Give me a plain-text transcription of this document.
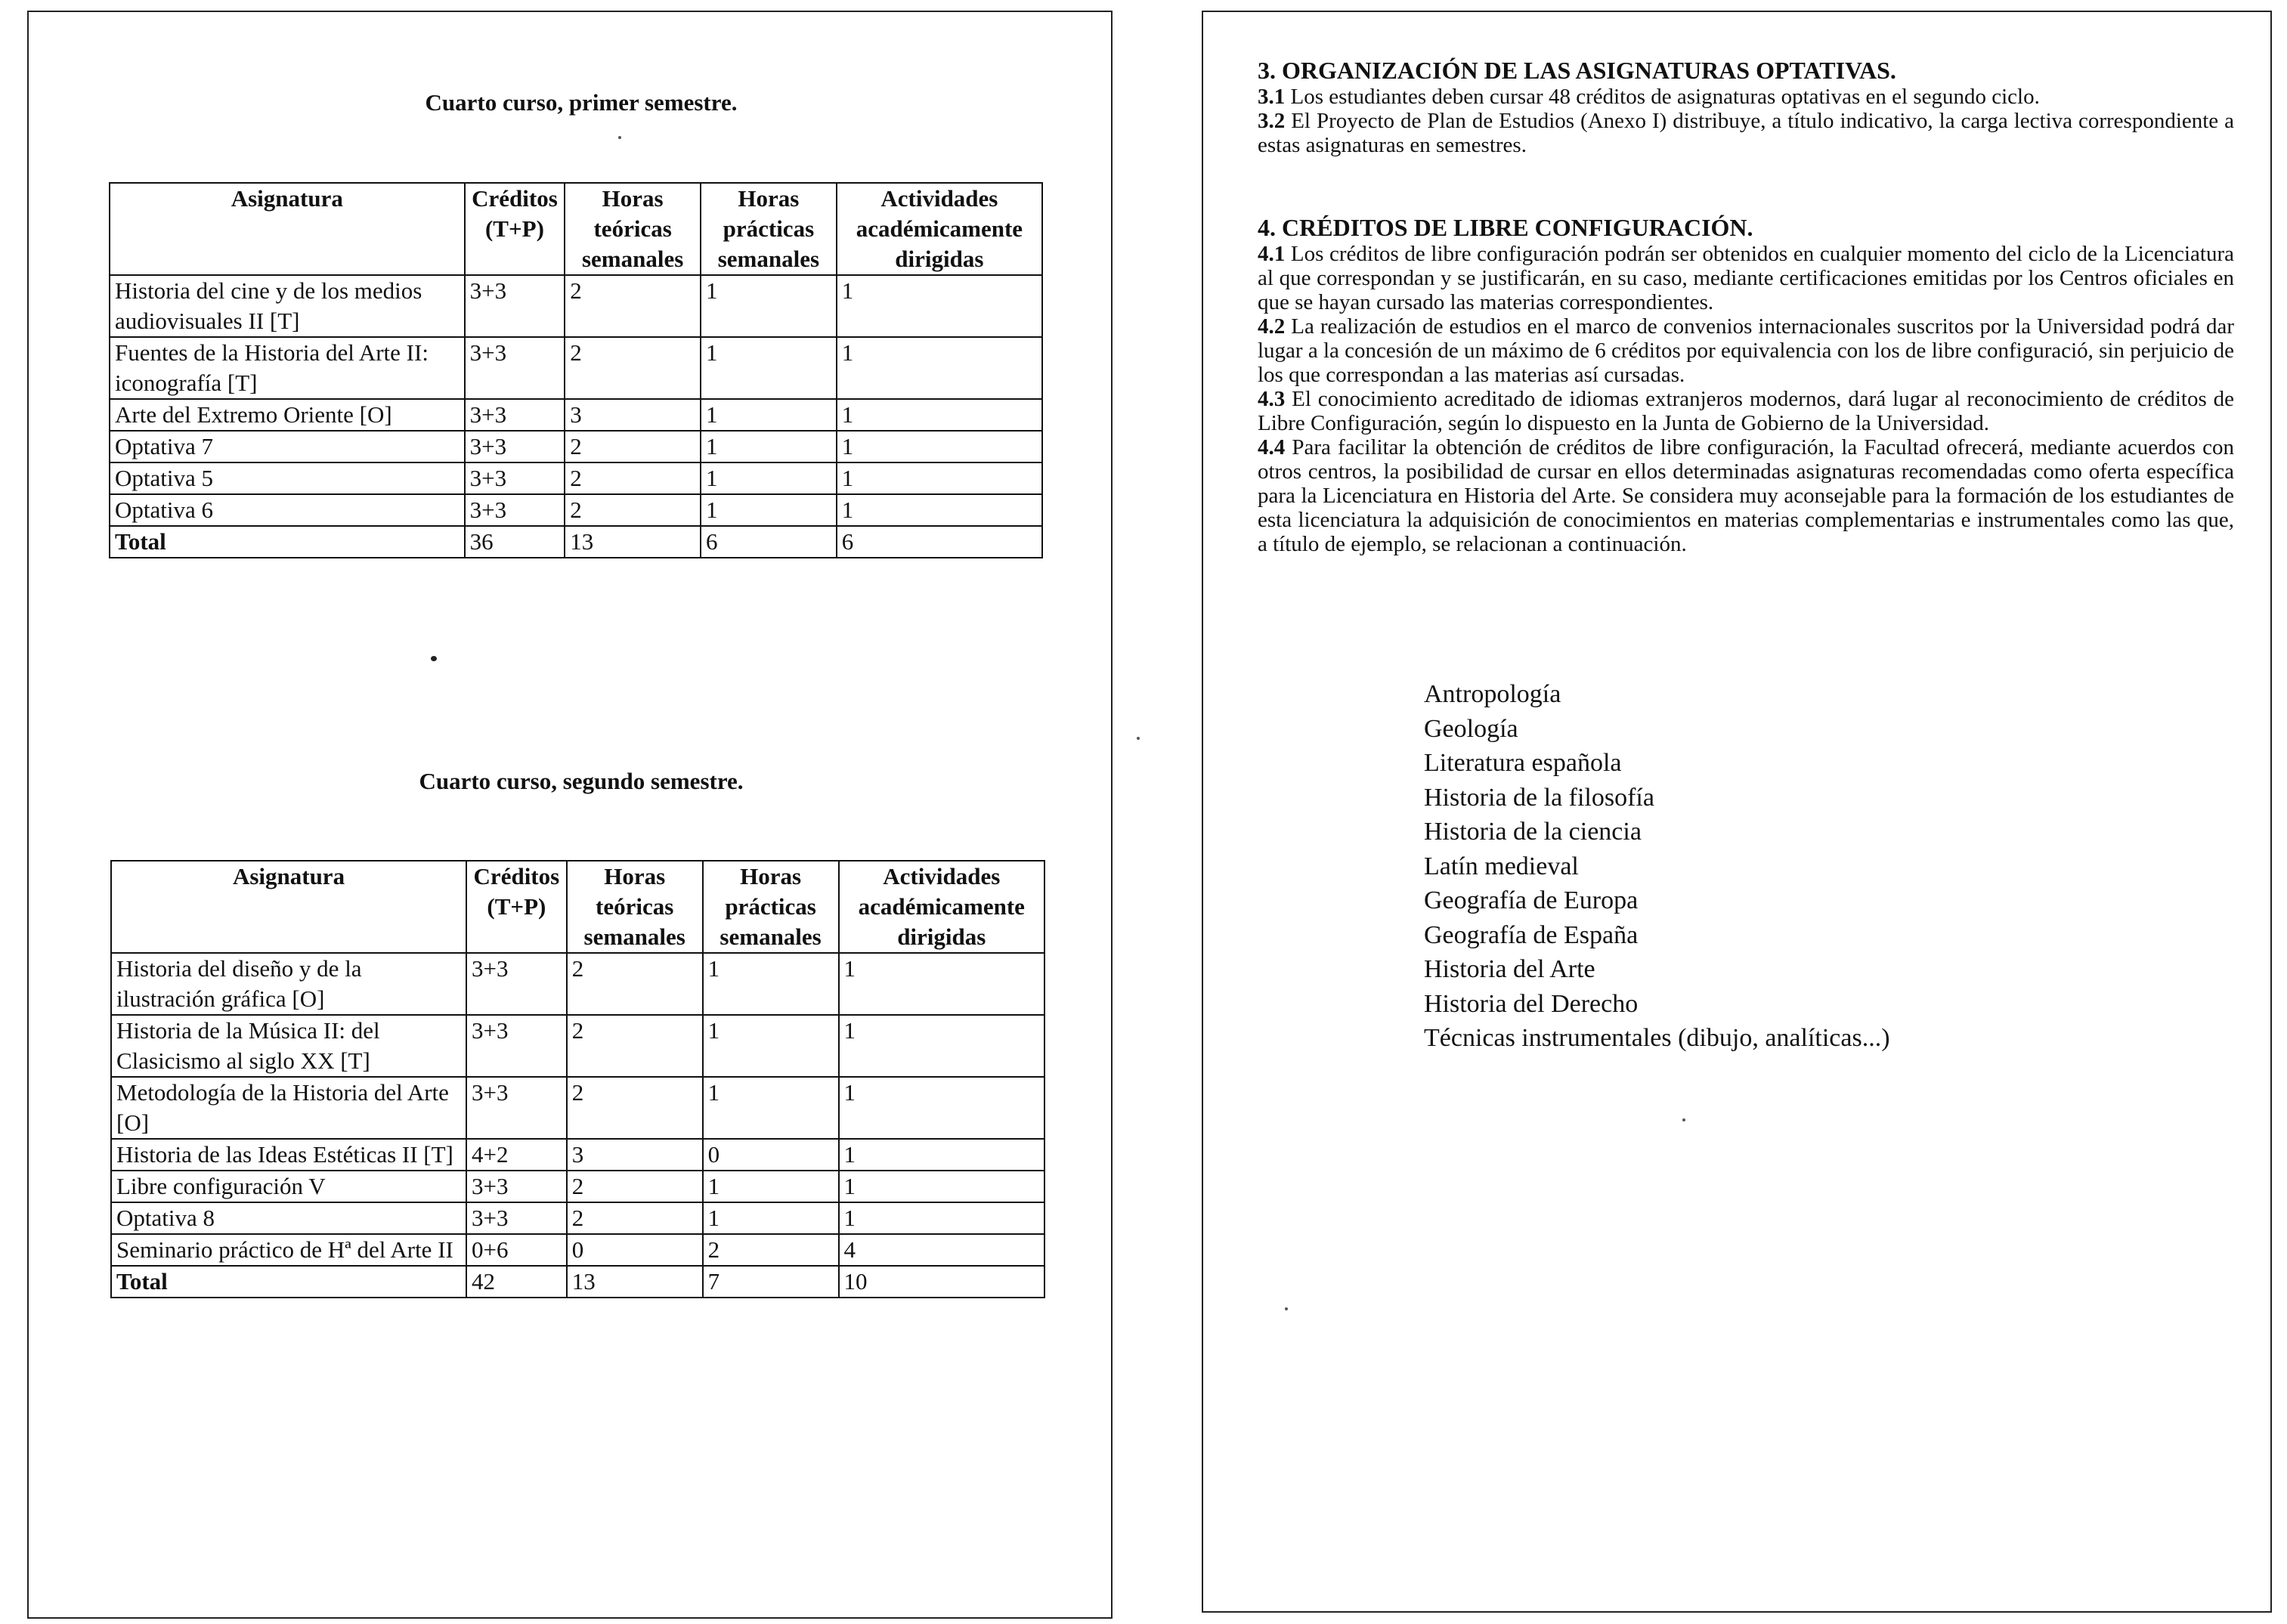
Cuarto curso, primer semestre.
Asignatura	Créditos (T+P)	Horas teóricas semanales	Horas prácticas semanales	Actividades académicamente dirigidas
Historia del cine y de los medios audiovisuales II [T]	3+3	2	1	1
Fuentes de la Historia del Arte II: iconografía [T]	3+3	2	1	1
Arte del Extremo Oriente [O]	3+3	3	1	1
Optativa 7	3+3	2	1	1
Optativa 5	3+3	2	1	1
Optativa 6	3+3	2	1	1
Total	36	13	6	6
Cuarto curso, segundo semestre.
Asignatura	Créditos (T+P)	Horas teóricas semanales	Horas prácticas semanales	Actividades académicamente dirigidas
Historia del diseño y de la ilustración gráfica [O]	3+3	2	1	1
Historia de la Música II: del Clasicismo al siglo XX [T]	3+3	2	1	1
Metodología de la Historia del Arte [O]	3+3	2	1	1
Historia de las Ideas Estéticas II [T]	4+2	3	0	1
Libre configuración V	3+3	2	1	1
Optativa 8	3+3	2	1	1
Seminario práctico de Hª del Arte II	0+6	0	2	4
Total	42	13	7	10

3. ORGANIZACIÓN DE LAS ASIGNATURAS OPTATIVAS.

3.1 Los estudiantes deben cursar 48 créditos de asignaturas optativas en el segundo ciclo.

3.2 El Proyecto de Plan de Estudios (Anexo I) distribuye, a título indicativo, la carga lectiva correspondiente a estas asignaturas en semestres.

4. CRÉDITOS DE LIBRE CONFIGURACIÓN.

4.1 Los créditos de libre configuración podrán ser obtenidos en cualquier momento del ciclo de la Licenciatura al que correspondan y se justificarán, en su caso, mediante certificaciones emitidas por los Centros oficiales en que se hayan cursado las materias correspondientes.

4.2 La realización de estudios en el marco de convenios internacionales suscritos por la Universidad podrá dar lugar a la concesión de un máximo de 6 créditos por equivalencia con los de libre configuració, sin perjuicio de los que correspondan a las materias así cursadas.

4.3 El conocimiento acreditado de idiomas extranjeros modernos, dará lugar al reconocimiento de créditos de Libre Configuración, según lo dispuesto en la Junta de Gobierno de la Universidad.

4.4 Para facilitar la obtención de créditos de libre configuración, la Facultad ofrecerá, mediante acuerdos con otros centros, la posibilidad de cursar en ellos determinadas asignaturas recomendadas como oferta específica para la Licenciatura en Historia del Arte. Se considera muy aconsejable para la formación de los estudiantes de esta licenciatura la adquisición de conocimientos en materias complementarias e instrumentales como las que, a título de ejemplo, se relacionan a continuación.

Antropología
Geología
Literatura española
Historia de la filosofía
Historia de la ciencia
Latín medieval
Geografía de Europa
Geografía de España
Historia del Arte
Historia del Derecho
Técnicas instrumentales (dibujo, analíticas...)
